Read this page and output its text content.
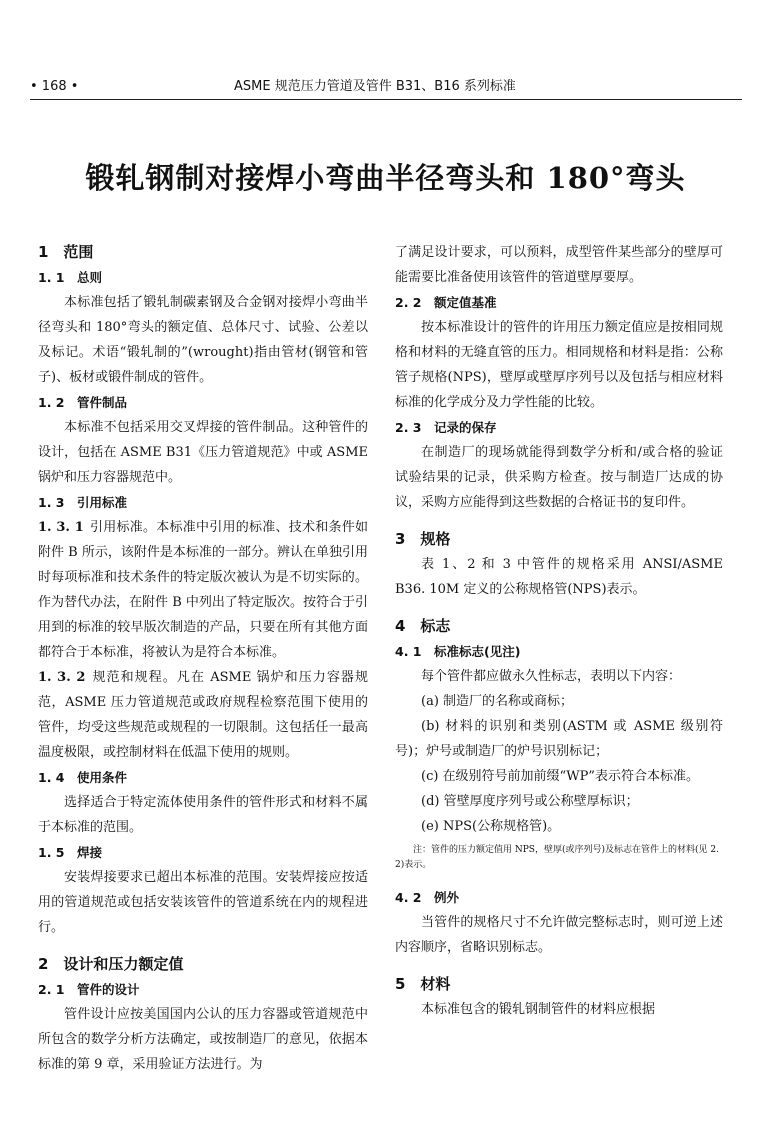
• 168 •	ASME 规范压力管道及管件 B31、B16 系列标准
锻轧钢制对接焊小弯曲半径弯头和 180°弯头

1　范围

1. 1　总则

本标准包括了锻轧制碳素钢及合金钢对接焊小弯曲半径弯头和 180°弯头的额定值、总体尺寸、试验、公差以及标记。术语“锻轧制的”(wrought)指由管材(钢管和管子)、板材或锻件制成的管件。

1. 2　管件制品

本标准不包括采用交叉焊接的管件制品。这种管件的设计，包括在 ASME B31《压力管道规范》中或 ASME 锅炉和压力容器规范中。

1. 3　引用标准

1. 3. 1 引用标准。本标准中引用的标准、技术和条件如附件 B 所示，该附件是本标准的一部分。辨认在单独引用时每项标准和技术条件的特定版次被认为是不切实际的。作为替代办法，在附件 B 中列出了特定版次。按符合于引用到的标准的较早版次制造的产品，只要在所有其他方面都符合于本标准，将被认为是符合本标准。

1. 3. 2 规范和规程。凡在 ASME 锅炉和压力容器规范，ASME 压力管道规范或政府规程检察范围下使用的管件，均受这些规范或规程的一切限制。这包括任一最高温度极限，或控制材料在低温下使用的规则。

1. 4　使用条件

选择适合于特定流体使用条件的管件形式和材料不属于本标准的范围。

1. 5　焊接

安装焊接要求已超出本标准的范围。安装焊接应按适用的管道规范或包括安装该管件的管道系统在内的规程进行。

2　设计和压力额定值

2. 1　管件的设计

管件设计应按美国国内公认的压力容器或管道规范中所包含的数学分析方法确定，或按制造厂的意见，依据本标准的第 9 章，采用验证方法进行。为

了满足设计要求，可以预料，成型管件某些部分的壁厚可能需要比准备使用该管件的管道壁厚要厚。

2. 2　额定值基准

按本标准设计的管件的许用压力额定值应是按相同规格和材料的无缝直管的压力。相同规格和材料是指：公称管子规格(NPS)，壁厚或壁厚序列号以及包括与相应材料标准的化学成分及力学性能的比较。

2. 3　记录的保存

在制造厂的现场就能得到数学分析和/或合格的验证试验结果的记录，供采购方检查。按与制造厂达成的协议，采购方应能得到这些数据的合格证书的复印件。

3　规格

表 1、2 和 3 中管件的规格采用 ANSI/ASME B36. 10M 定义的公称规格管(NPS)表示。

4　标志

4. 1　标准标志(见注)

每个管件都应做永久性标志，表明以下内容：

(a) 制造厂的名称或商标；

(b) 材料的识别和类别(ASTM 或 ASME 级别符号)；炉号或制造厂的炉号识别标记；

(c) 在级别符号前加前缀“WP”表示符合本标准。

(d) 管壁厚度序列号或公称壁厚标识；

(e) NPS(公称规格管)。

注：管件的压力额定值用 NPS，壁厚(或序列号)及标志在管件上的材料(见 2. 2)表示。

4. 2　例外

当管件的规格尺寸不允许做完整标志时，则可逆上述内容顺序，省略识别标志。

5　材料

本标准包含的锻轧钢制管件的材料应根据
